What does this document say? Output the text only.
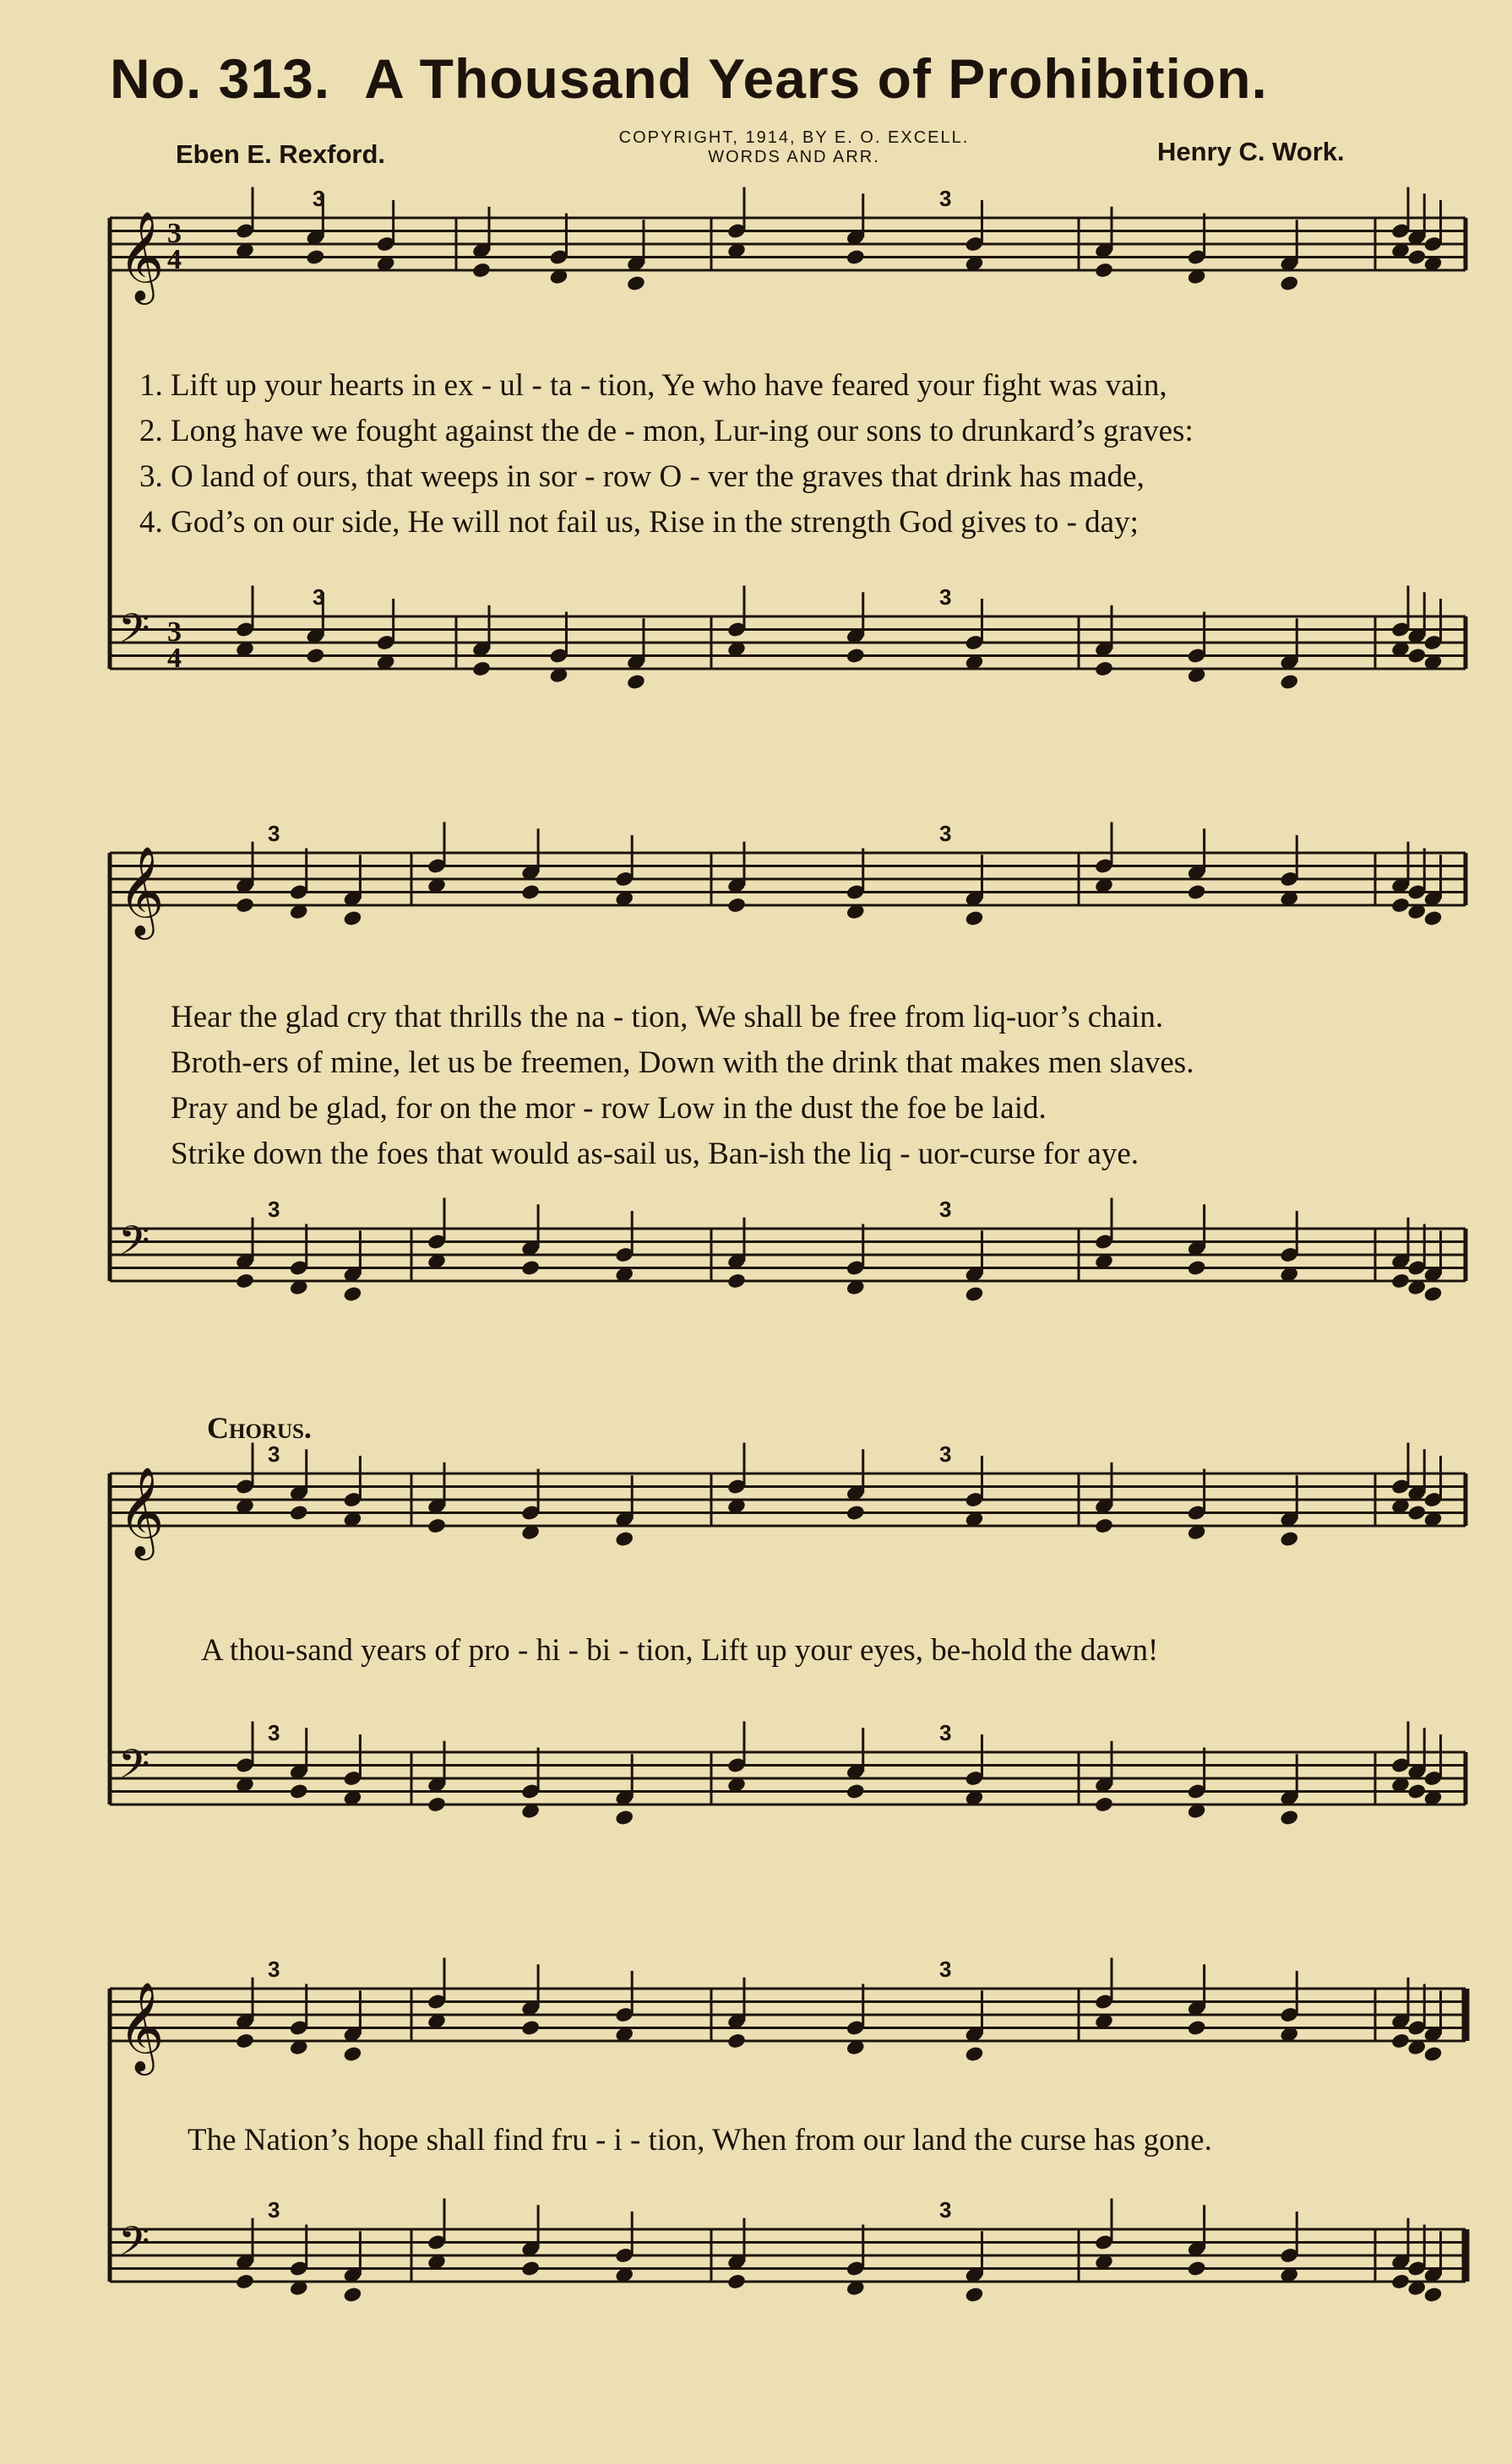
No. 313. A Thousand Years of Prohibition.
Eben E. Rexford.
COPYRIGHT, 1914, BY E. O. EXCELL.
WORDS AND ARR.	Henry C. Work.
𝄞 3
4
3	3
𝄢 3
4
3	3
𝄞
3	3
𝄢
3	3
𝄞
3	3
𝄢
3	3
𝄞
3	3
𝄢
3	3
1. Lift up your hearts in ex - ul - ta - tion, Ye who have feared your fight was vain,
2. Long have we fought against the de - mon, Lur-ing our sons to drunkard’s graves:
3. O land of ours, that weeps in sor - row O - ver the graves that drink has made,
4. God’s on our side, He will not fail us, Rise in the strength God gives to - day;
Hear the glad cry that thrills the na - tion, We shall be free from liq-uor’s chain.
Broth-ers of mine, let us be freemen, Down with the drink that makes men slaves.
Pray and be glad, for on the mor - row Low in the dust the foe be laid.
Strike down the foes that would as-sail us, Ban-ish the liq - uor-curse for aye.
Chorus.
A thou-sand years of pro - hi - bi - tion, Lift up your eyes, be-hold the dawn!
The Nation’s hope shall find fru - i - tion, When from our land the curse has gone.
